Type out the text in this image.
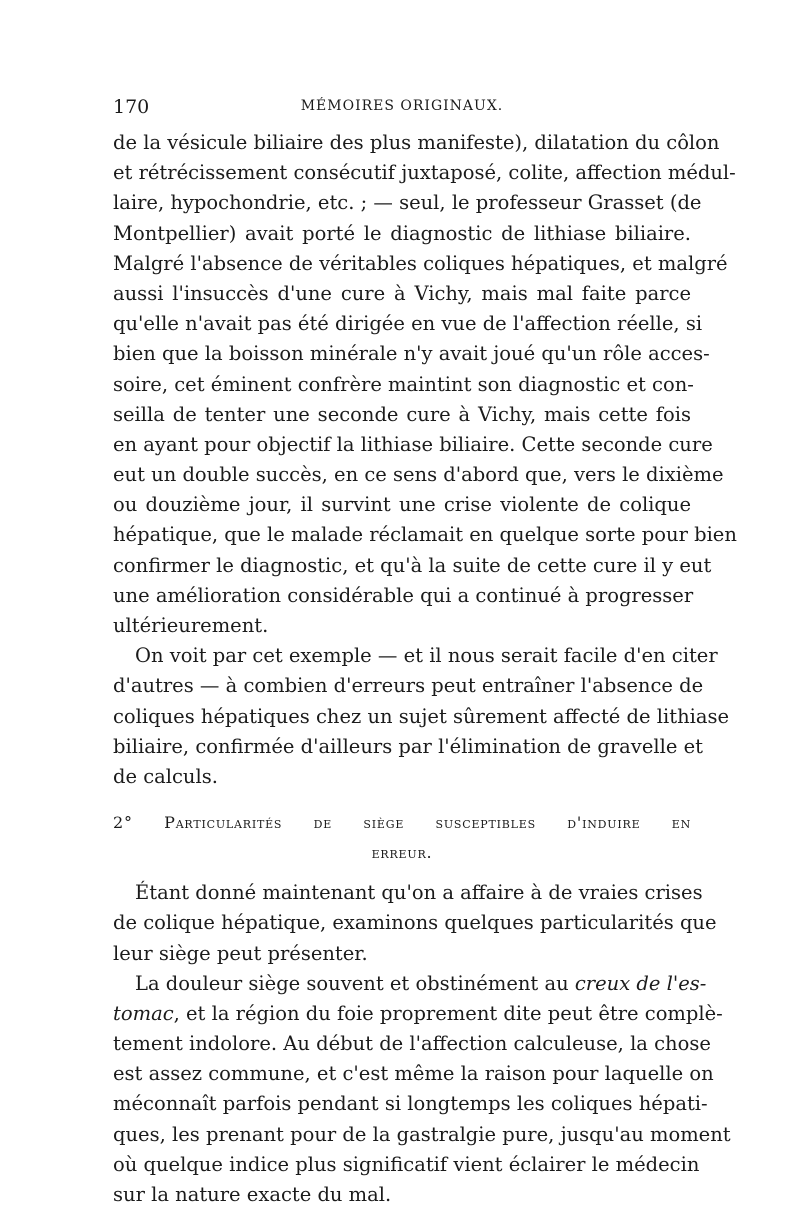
170	MÉMOIRES ORIGINAUX.
de la vésicule biliaire des plus manifeste), dilatation du côlon
et rétrécissement consécutif juxtaposé, colite, affection médul-
laire, hypochondrie, etc. ; — seul, le professeur Grasset (de
Montpellier) avait porté le diagnostic de lithiase biliaire.
Malgré l'absence de véritables coliques hépatiques, et malgré
aussi l'insuccès d'une cure à Vichy, mais mal faite parce
qu'elle n'avait pas été dirigée en vue de l'affection réelle, si
bien que la boisson minérale n'y avait joué qu'un rôle acces-
soire, cet éminent confrère maintint son diagnostic et con-
seilla de tenter une seconde cure à Vichy, mais cette fois
en ayant pour objectif la lithiase biliaire. Cette seconde cure
eut un double succès, en ce sens d'abord que, vers le dixième
ou douzième jour, il survint une crise violente de colique
hépatique, que le malade réclamait en quelque sorte pour bien
confirmer le diagnostic, et qu'à la suite de cette cure il y eut
une amélioration considérable qui a continué à progresser
ultérieurement.
On voit par cet exemple — et il nous serait facile d'en citer
d'autres — à combien d'erreurs peut entraîner l'absence de
coliques hépatiques chez un sujet sûrement affecté de lithiase
biliaire, confirmée d'ailleurs par l'élimination de gravelle et
de calculs.
2° Particularités de siège susceptibles d'induire en
erreur.
Étant donné maintenant qu'on a affaire à de vraies crises
de colique hépatique, examinons quelques particularités que
leur siège peut présenter.
La douleur siège souvent et obstinément au creux de l'es-
tomac, et la région du foie proprement dite peut être complè-
tement indolore. Au début de l'affection calculeuse, la chose
est assez commune, et c'est même la raison pour laquelle on
méconnaît parfois pendant si longtemps les coliques hépati-
ques, les prenant pour de la gastralgie pure, jusqu'au moment
où quelque indice plus significatif vient éclairer le médecin
sur la nature exacte du mal.
